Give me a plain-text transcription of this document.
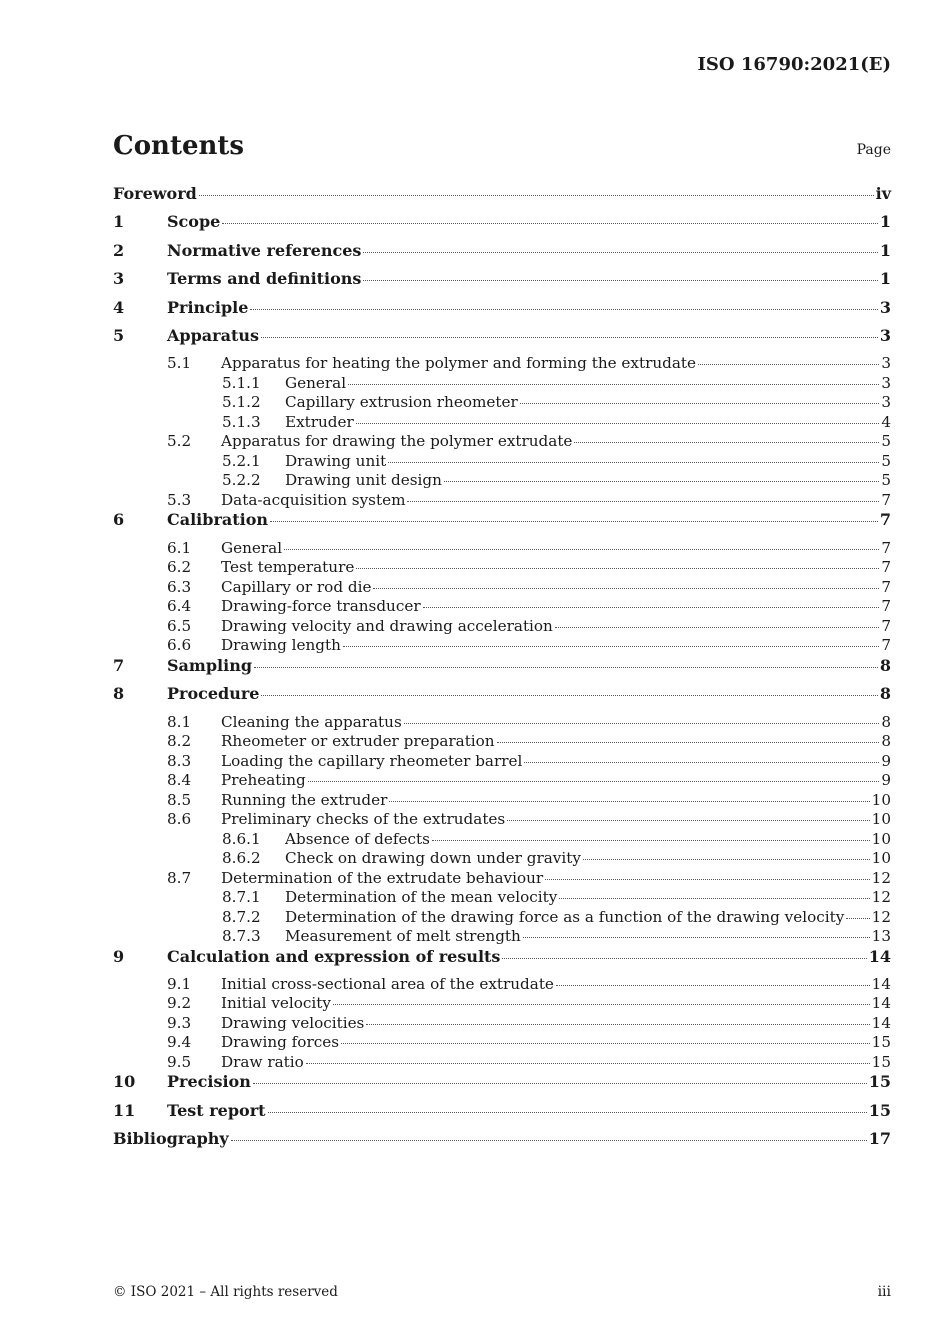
ISO 16790:2021(E)
Contents	Page
Foreword	iv
1	Scope	1
2	Normative references	1
3	Terms and definitions	1
4	Principle	3
5	Apparatus	3
5.1	Apparatus for heating the polymer and forming the extrudate	3
5.1.1	General	3
5.1.2	Capillary extrusion rheometer	3
5.1.3	Extruder	4
5.2	Apparatus for drawing the polymer extrudate	5
5.2.1	Drawing unit	5
5.2.2	Drawing unit design	5
5.3	Data-acquisition system	7
6	Calibration	7
6.1	General	7
6.2	Test temperature	7
6.3	Capillary or rod die	7
6.4	Drawing-force transducer	7
6.5	Drawing velocity and drawing acceleration	7
6.6	Drawing length	7
7	Sampling	8
8	Procedure	8
8.1	Cleaning the apparatus	8
8.2	Rheometer or extruder preparation	8
8.3	Loading the capillary rheometer barrel	9
8.4	Preheating	9
8.5	Running the extruder	10
8.6	Preliminary checks of the extrudates	10
8.6.1	Absence of defects	10
8.6.2	Check on drawing down under gravity	10
8.7	Determination of the extrudate behaviour	12
8.7.1	Determination of the mean velocity	12
8.7.2	Determination of the drawing force as a function of the drawing velocity 12
8.7.3	Measurement of melt strength	13
9	Calculation and expression of results	14
9.1	Initial cross-sectional area of the extrudate	14
9.2	Initial velocity	14
9.3	Drawing velocities	14
9.4	Drawing forces	15
9.5	Draw ratio	15
10	Precision	15
11	Test report	15
Bibliography	17
© ISO 2021 – All rights reserved	iii
